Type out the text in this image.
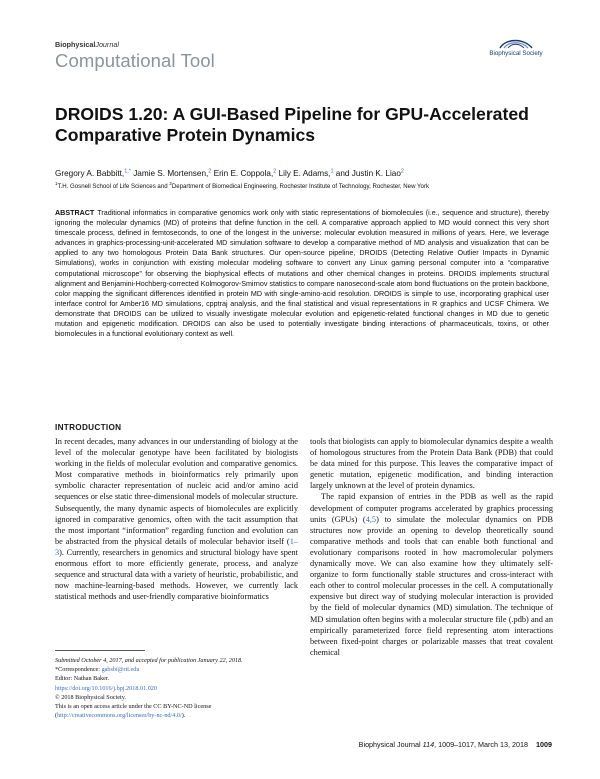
BiophysicalJournal
Computational Tool	Biophysical Society
DROIDS 1.20: A GUI-Based Pipeline for GPU-Accelerated Comparative Protein Dynamics
Gregory A. Babbitt,$^{1,*}$ Jamie S. Mortensen,$^2$ Erin E. Coppola,$^2$ Lily E. Adams,$^1$ and Justin K. Liao$^2$
$^1$T.H. Gosnell School of Life Sciences and $^2$Department of Biomedical Engineering, Rochester Institute of Technology, Rochester, New York
ABSTRACT Traditional informatics in comparative genomics work only with static representations of biomolecules (i.e., sequence and structure), thereby ignoring the molecular dynamics (MD) of proteins that define function in the cell. A comparative approach applied to MD would connect this very short timescale process, defined in femtoseconds, to one of the longest in the universe: molecular evolution measured in millions of years. Here, we leverage advances in graphics-processing-unit-accelerated MD simulation software to develop a comparative method of MD analysis and visualization that can be applied to any two homologous Protein Data Bank structures. Our open-source pipeline, DROIDS (Detecting Relative Outlier Impacts in Dynamic Simulations), works in conjunction with existing molecular modeling software to convert any Linux gaming personal computer into a “comparative computational microscope” for observing the biophysical effects of mutations and other chemical changes in proteins. DROIDS implements structural alignment and Benjamini-Hochberg-corrected Kolmogorov-Smirnov statistics to compare nanosecond-scale atom bond fluctuations on the protein backbone, color mapping the significant differences identified in protein MD with single-amino-acid resolution. DROIDS is simple to use, incorporating graphical user interface control for Amber16 MD simulations, cpptraj analysis, and the final statistical and visual representations in R graphics and UCSF Chimera. We demonstrate that DROIDS can be utilized to visually investigate molecular evolution and epigenetic-related functional changes in MD due to genetic mutation and epigenetic modification. DROIDS can also be used to potentially investigate binding interactions of pharmaceuticals, toxins, or other biomolecules in a functional evolutionary context as well.
INTRODUCTION

In recent decades, many advances in our understanding of biology at the level of the molecular genotype have been facilitated by biologists working in the fields of molecular evolution and comparative genomics. Most comparative methods in bioinformatics rely primarily upon symbolic character representation of nucleic acid and/or amino acid sequences or else static three-dimensional models of molecular structure. Subsequently, the many dynamic aspects of biomolecules are explicitly ignored in comparative genomics, often with the tacit assumption that the most important “information” regarding function and evolution can be abstracted from the physical details of molecular behavior itself (1–3). Currently, researchers in genomics and structural biology have spent enormous effort to more efficiently generate, process, and analyze sequence and structural data with a variety of heuristic, probabilistic, and now machine-learning-based methods. However, we currently lack statistical methods and user-friendly comparative bioinformatics

tools that biologists can apply to biomolecular dynamics despite a wealth of homologous structures from the Protein Data Bank (PDB) that could be data mined for this purpose. This leaves the comparative impact of genetic mutation, epigenetic modification, and binding interaction largely unknown at the level of protein dynamics.

The rapid expansion of entries in the PDB as well as the rapid development of computer programs accelerated by graphics processing units (GPUs) (4,5) to simulate the molecular dynamics on PDB structures now provide an opening to develop theoretically sound comparative methods and tools that can enable both functional and evolutionary comparisons rooted in how macromolecular polymers dynamically move. We can also examine how they ultimately self-organize to form functionally stable structures and cross-interact with each other to control molecular processes in the cell. A computationally expensive but direct way of studying molecular interaction is provided by the field of molecular dynamics (MD) simulation. The technique of MD simulation often begins with a molecular structure file (.pdb) and an empirically parameterized force field representing atom interactions between fixed-point charges or polarizable masses that treat covalent chemical

Submitted October 4, 2017, and accepted for publication January 22, 2018.
*Correspondence: gabsbi@rit.edu
Editor: Nathan Baker.
https://doi.org/10.1016/j.bpj.2018.01.020
© 2018 Biophysical Society.
This is an open access article under the CC BY-NC-ND license (http://creativecommons.org/licenses/by-nc-nd/4.0/).
Biophysical Journal 114, 1009–1017, March 13, 2018 1009
